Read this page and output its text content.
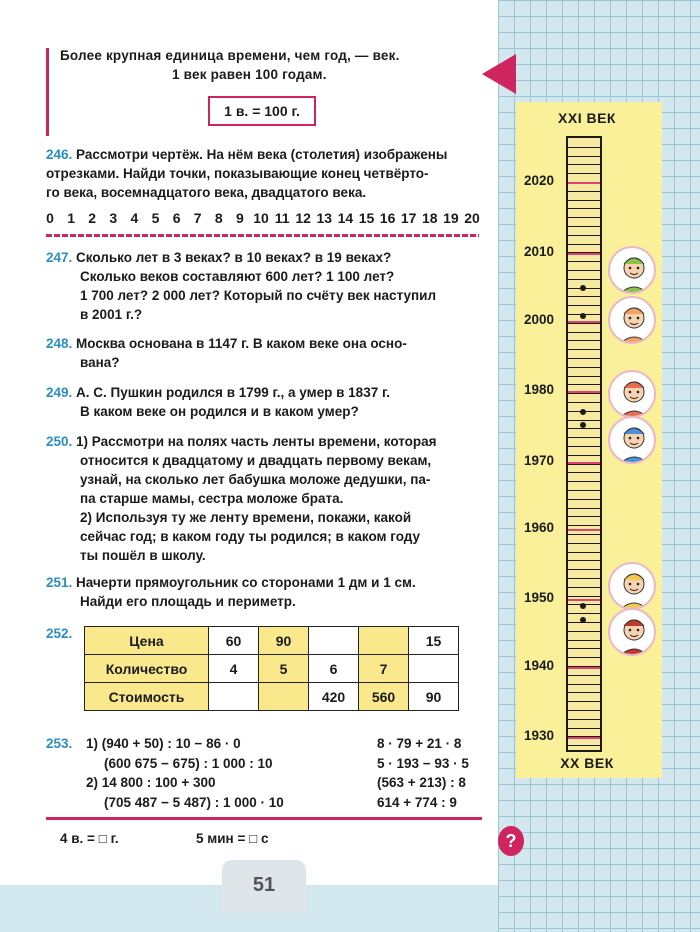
Более крупная единица времени, чем год, — век.
1 век равен 100 годам.
1 в. = 100 г.
246. Рассмотри чертёж. На нём века (столетия) изображены
отрезками. Найди точки, показывающие конец четвёрто-
го века, восемнадцатого века, двадцатого века.
0 1 2 3 4 5 6 7 8 9 10 11 12 13 14 15 16 17 18 19 20
247. Сколько лет в 3 веках? в 10 веках? в 19 веках?
Сколько веков составляют 600 лет? 1 100 лет?
1 700 лет? 2 000 лет? Который по счёту век наступил
в 2001 г.?
248. Москва основана в 1147 г. В каком веке она осно-
вана?
249. А. С. Пушкин родился в 1799 г., а умер в 1837 г.
В каком веке он родился и в каком умер?
250. 1) Рассмотри на полях часть ленты времени, которая
относится к двадцатому и двадцать первому векам,
узнай, на сколько лет бабушка моложе дедушки, па-
па старше мамы, сестра моложе брата.
2) Используя ту же ленту времени, покажи, какой
сейчас год; в каком году ты родился; в каком году
ты пошёл в школу.
251. Начерти прямоугольник со сторонами 1 дм и 1 см.
Найди его площадь и периметр.
252.	Цена	60	90			15
Количество	4	5	6	7	
Стоимость			420	560	90
253.	1) (940 + 50) : 10 − 86 · 0
(600 675 − 675) : 1 000 : 10
2) 14 800 : 100 + 300
(705 487 − 5 487) : 1 000 · 10
8 · 79 + 21 · 8
5 · 193 − 93 · 5
(563 + 213) : 8
614 + 774 : 9
4 в. = □ г.	5 мин = □ с	?
51
XXI ВЕК
XX ВЕК
2020
2010
2000
1980
1970
1960
1950
1940
1930
